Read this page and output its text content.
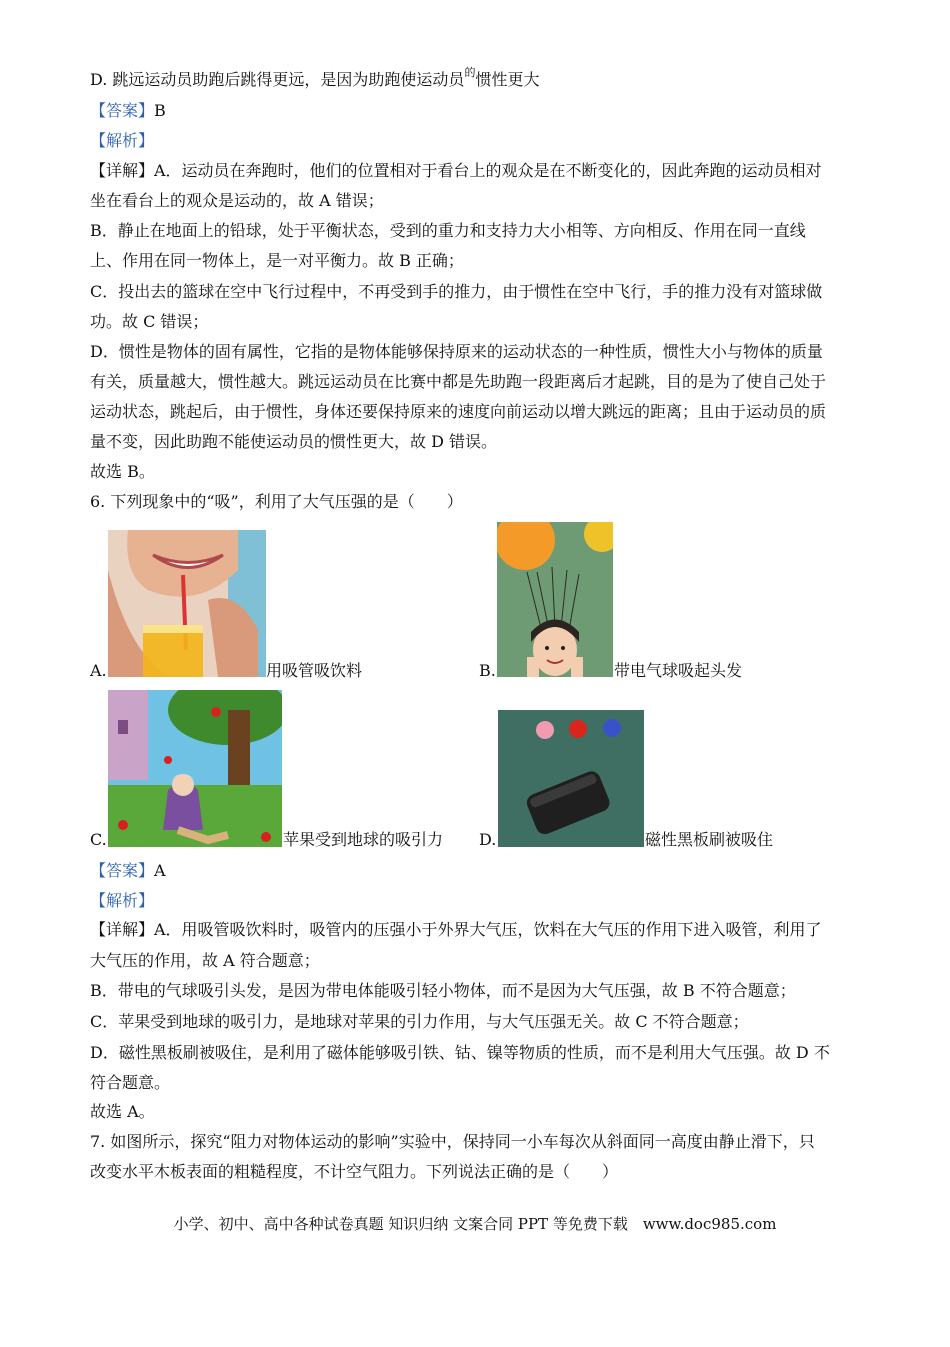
D. 跳远运动员助跑后跳得更远，是因为助跑使运动员$^的$惯性更大
【答案】B
【解析】
【详解】A．运动员在奔跑时，他们的位置相对于看台上的观众是在不断变化的，因此奔跑的运动员相对
坐在看台上的观众是运动的，故 A 错误；
B．静止在地面上的铅球，处于平衡状态，受到的重力和支持力大小相等、方向相反、作用在同一直线
上、作用在同一物体上，是一对平衡力。故 B 正确；
C．投出去的篮球在空中飞行过程中，不再受到手的推力，由于惯性在空中飞行，手的推力没有对篮球做
功。故 C 错误；
D．惯性是物体的固有属性，它指的是物体能够保持原来的运动状态的一种性质，惯性大小与物体的质量
有关，质量越大，惯性越大。跳远运动员在比赛中都是先助跑一段距离后才起跳，目的是为了使自己处于
运动状态，跳起后，由于惯性，身体还要保持原来的速度向前运动以增大跳远的距离；且由于运动员的质
量不变，因此助跑不能使运动员的惯性更大，故 D 错误。
故选 B。
6. 下列现象中的“吸”，利用了大气压强的是（　　）
A.	用吸管吸饮料	B.	带电气球吸起头发
C.	苹果受到地球的吸引力 D.	磁性黑板刷被吸住
【答案】A
【解析】
【详解】A．用吸管吸饮料时，吸管内的压强小于外界大气压，饮料在大气压的作用下进入吸管，利用了
大气压的作用，故 A 符合题意；
B．带电的气球吸引头发，是因为带电体能吸引轻小物体，而不是因为大气压强，故 B 不符合题意；
C．苹果受到地球的吸引力，是地球对苹果的引力作用，与大气压强无关。故 C 不符合题意；
D．磁性黑板刷被吸住，是利用了磁体能够吸引铁、钴、镍等物质的性质，而不是利用大气压强。故 D 不
符合题意。
故选 A。
7. 如图所示，探究“阻力对物体运动的影响”实验中，保持同一小车每次从斜面同一高度由静止滑下，只
改变水平木板表面的粗糙程度，不计空气阻力。下列说法正确的是（　　）
小学、初中、高中各种试卷真题 知识归纳 文案合同 PPT 等免费下载　www.doc985.com
